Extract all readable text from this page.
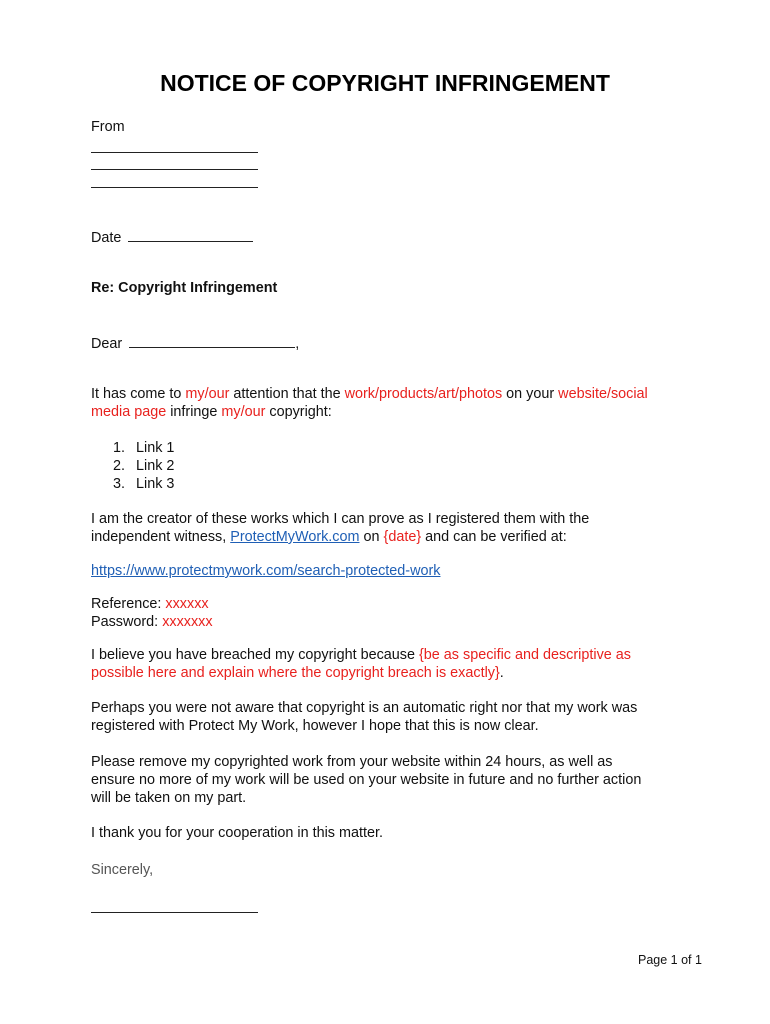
NOTICE OF COPYRIGHT INFRINGEMENT
From
Date
Re: Copyright Infringement
Dear	,
It has come to my/our attention that the work/products/art/photos on your website/social
media page infringe my/our copyright:
1. Link 1
2. Link 2
3. Link 3
I am the creator of these works which I can prove as I registered them with the
independent witness, ProtectMyWork.com on {date} and can be verified at:
https://www.protectmywork.com/search-protected-work
Reference: xxxxxx
Password: xxxxxxx
I believe you have breached my copyright because {be as specific and descriptive as
possible here and explain where the copyright breach is exactly}.
Perhaps you were not aware that copyright is an automatic right nor that my work was
registered with Protect My Work, however I hope that this is now clear.
Please remove my copyrighted work from your website within 24 hours, as well as
ensure no more of my work will be used on your website in future and no further action
will be taken on my part.
I thank you for your cooperation in this matter.
Sincerely,
Page 1 of 1
